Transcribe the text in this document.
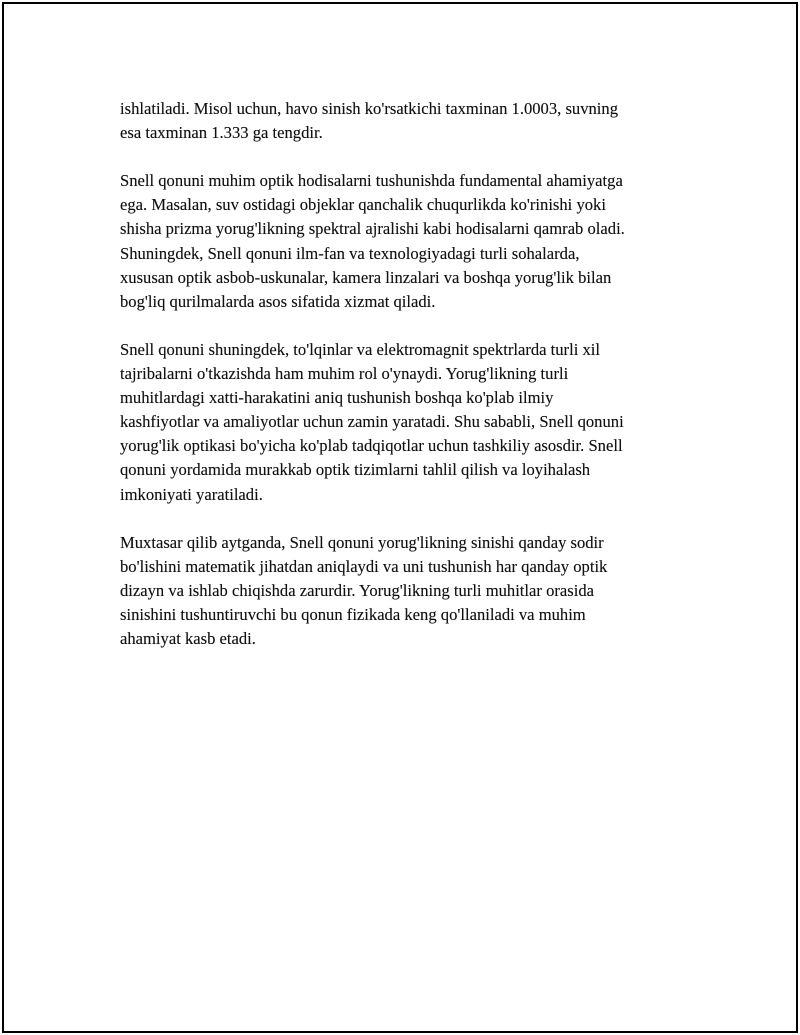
ishlatiladi. Misol uchun, havo sinish ko'rsatkichi taxminan 1.0003, suvning
esa taxminan 1.333 ga tengdir.

Snell qonuni muhim optik hodisalarni tushunishda fundamental ahamiyatga
ega. Masalan, suv ostidagi objeklar qanchalik chuqurlikda ko'rinishi yoki
shisha prizma yorug'likning spektral ajralishi kabi hodisalarni qamrab oladi.
Shuningdek, Snell qonuni ilm-fan va texnologiyadagi turli sohalarda,
xususan optik asbob-uskunalar, kamera linzalari va boshqa yorug'lik bilan
bog'liq qurilmalarda asos sifatida xizmat qiladi.

Snell qonuni shuningdek, to'lqinlar va elektromagnit spektrlarda turli xil
tajribalarni o'tkazishda ham muhim rol o'ynaydi. Yorug'likning turli
muhitlardagi xatti-harakatini aniq tushunish boshqa ko'plab ilmiy
kashfiyotlar va amaliyotlar uchun zamin yaratadi. Shu sababli, Snell qonuni
yorug'lik optikasi bo'yicha ko'plab tadqiqotlar uchun tashkiliy asosdir. Snell
qonuni yordamida murakkab optik tizimlarni tahlil qilish va loyihalash
imkoniyati yaratiladi.

Muxtasar qilib aytganda, Snell qonuni yorug'likning sinishi qanday sodir
bo'lishini matematik jihatdan aniqlaydi va uni tushunish har qanday optik
dizayn va ishlab chiqishda zarurdir. Yorug'likning turli muhitlar orasida
sinishini tushuntiruvchi bu qonun fizikada keng qo'llaniladi va muhim
ahamiyat kasb etadi.
